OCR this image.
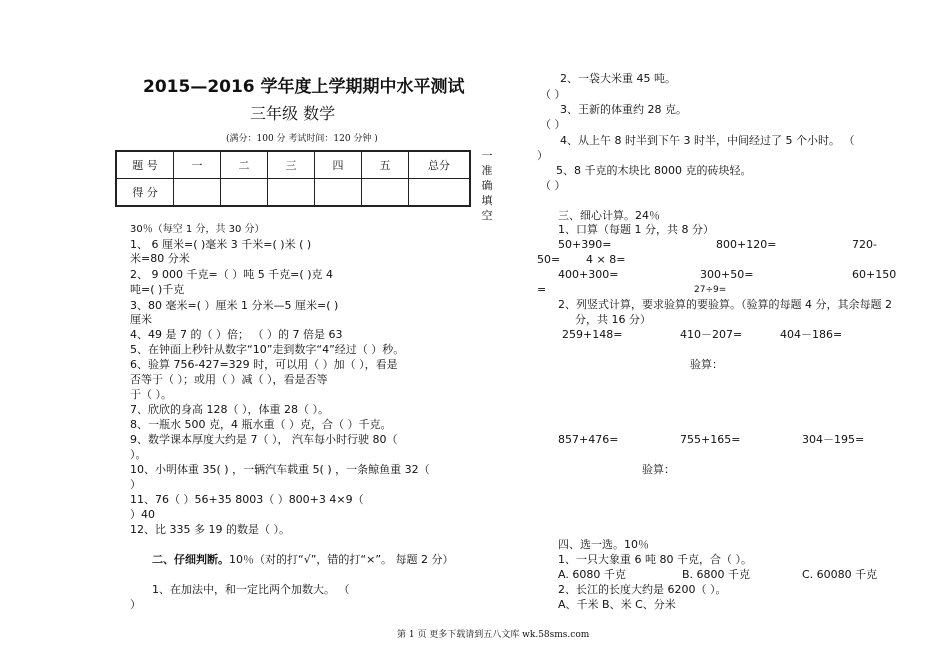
2015—2016 学年度上学期期中水平测试
三年级 数学
(满分：100 分 考试时间：120 分钟 )
题 号	一	二	三	四	五	总分
得 分						
一准确填空
30％（每空 1 分，共 30 分）
1、 6 厘米=( )毫米 3 千米=( )米 ( )
米=80 分米
2、 9 000 千克=（ ）吨 5 千克=( )克 4
吨=( )千克
3、80 毫米=( ）厘米 1 分米—5 厘米=( )
厘米
4、49 是 7 的（ ）倍； （ ）的 7 倍是 63
5、在钟面上秒针从数字“10”走到数字“4”经过（ ）秒。
6、验算 756-427=329 时，可以用（ ）加（ ），看是
否等于（ ）；或用（ ）减（ ），看是否等
于（ ）。
7、欣欣的身高 128（ ），体重 28（ ）。
8、一瓶水 500 克，4 瓶水重（ ）克，合（ ）千克。
9、数学课本厚度大约是 7（ ）， 汽车每小时行驶 80（
）。
10、小明体重 35( ) ，一辆汽车载重 5( ) ，一条鲸鱼重 32（
）
11、76（ ）56+35 8003（ ）800+3 4×9（
）40
12、比 335 多 19 的数是（ ）。
二、仔细判断。10％（对的打“√”，错的打“×”。 每题 2 分）
1、在加法中，和一定比两个加数大。 （
）
2、一袋大米重 45 吨。
（ ）
3、王新的体重约 28 克。
（ ）
4、从上午 8 时半到下午 3 时半，中间经过了 5 个小时。 （
）
5、8 千克的木块比 8000 克的砖块轻。
（ ）
三、细心计算。24％
1、口算（每题 1 分，共 8 分）
50+390=	800+120=	720-
50= 4 × 8=
400+300=	300+50=	60+150
=	27÷9=
2、列竖式计算，要求验算的要验算。（验算的每题 4 分，其余每题 2
分，共 16 分）
259+148=	410－207=	404－186=
验算：
857+476=	755+165=	304－195=
验算：
四、选一选。10％
1、一只大象重 6 吨 80 千克，合（ ）。
A. 6080 千克	B. 6800 千克	C. 60080 千克
2、长江的长度大约是 6200（ ）。
A、千米 B、米 C、分米
第 1 页 更多下载请到五八文库 wk.58sms.com
